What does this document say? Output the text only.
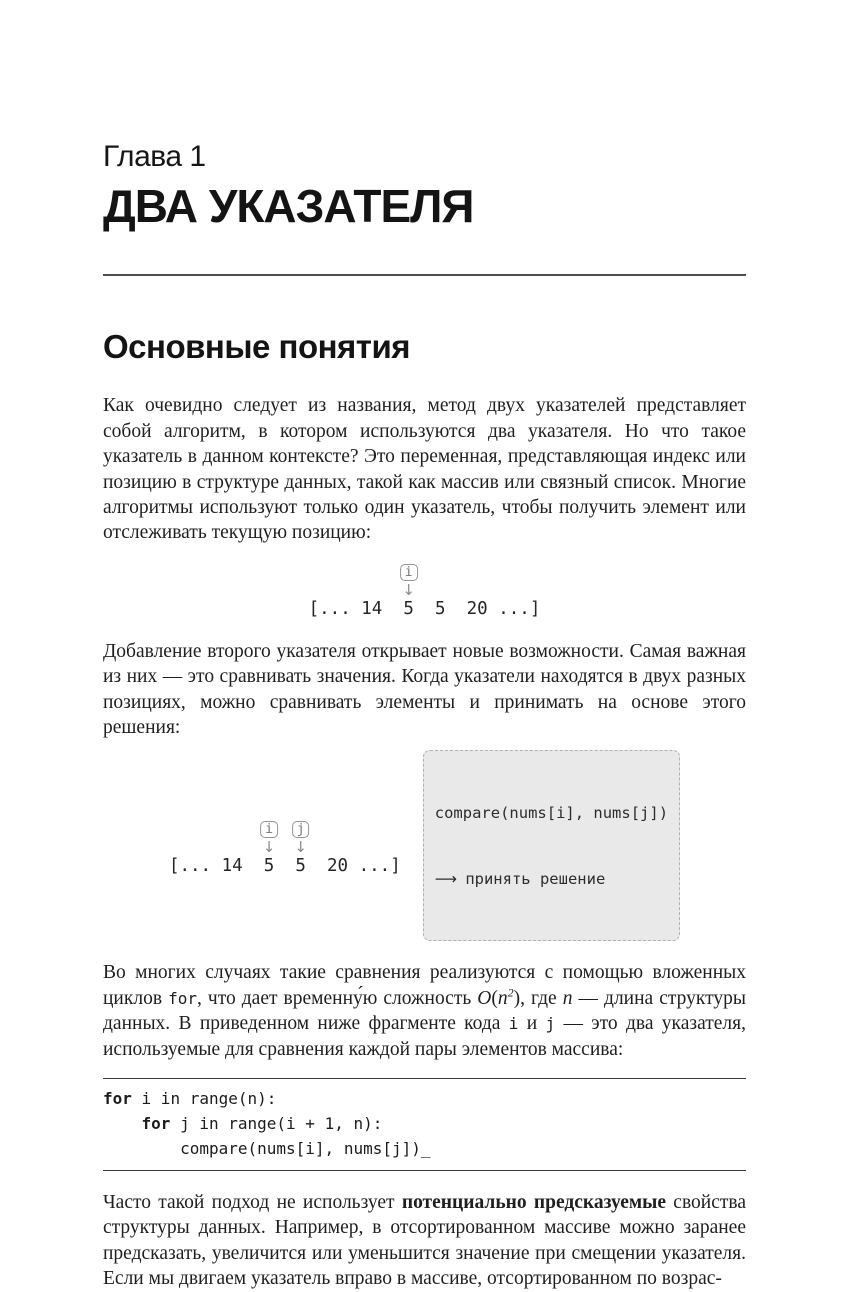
Глава 1
ДВА УКАЗАТЕЛЯ
Основные понятия

Как очевидно следует из названия, метод двух указателей представляет собой алгоритм, в котором используются два указателя. Но что такое указатель в данном контексте? Это переменная, представляющая индекс или позицию в структуре данных, такой как массив или связный список. Многие алгоритмы используют только один указатель, чтобы получить элемент или отслеживать текущую позицию:

i
↓
[... 14  5  5  20 ...]

Добавление второго указателя открывает новые возможности. Самая важная из них — это сравнивать значения. Когда указатели находятся в двух разных позициях, можно сравнивать элементы и принимать на основе этого решения:

i
↓
j
↓
[... 14  5  5  20 ...]

compare(nums[i], nums[j])

⟶ принять решение

Во многих случаях такие сравнения реализуются с помощью вложенных циклов for, что дает временну́ю сложность $O(n^2)$, где n — длина структуры данных. В приведенном ниже фрагменте кода i и j — это два указателя, используемые для сравнения каждой пары элементов массива:

for i in range(n):
for j in range(i + 1, n):
compare(nums[i], nums[j])_

Часто такой подход не использует потенциально предсказуемые свойства структуры данных. Например, в отсортированном массиве можно заранее предсказать, увеличится или уменьшится значение при смещении указателя. Если мы двигаем указатель вправо в массиве, отсортированном по возрас-
